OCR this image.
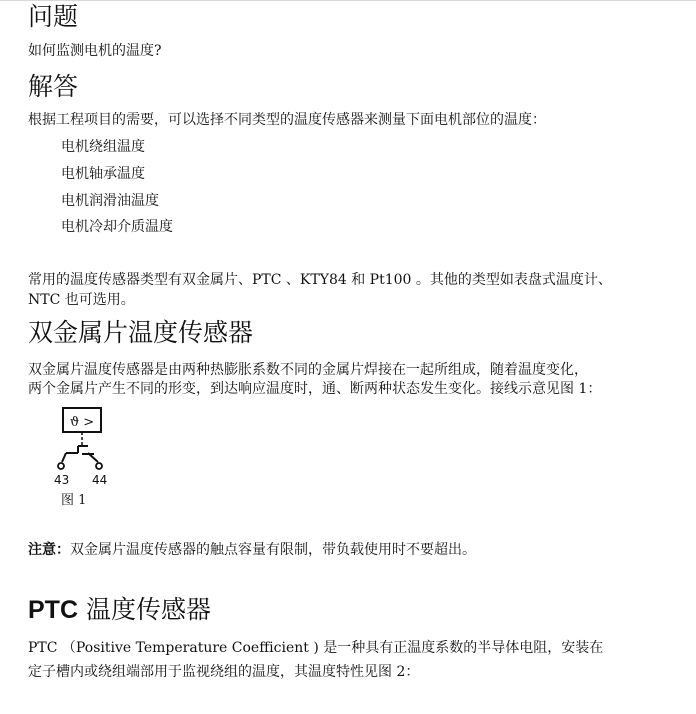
问题
如何监测电机的温度?
解答
根据工程项目的需要，可以选择不同类型的温度传感器来测量下面电机部位的温度：
电机绕组温度
电机轴承温度
电机润滑油温度
电机冷却介质温度
常用的温度传感器类型有双金属片、PTC 、KTY84 和 Pt100 。其他的类型如表盘式温度计、
NTC 也可选用。
双金属片温度传感器
双金属片温度传感器是由两种热膨胀系数不同的金属片焊接在一起所组成，随着温度变化，
两个金属片产生不同的形变，到达响应温度时，通、断两种状态发生变化。接线示意见图 1：
ϑ >
43 44
图 1
注意：双金属片温度传感器的触点容量有限制，带负载使用时不要超出。
PTC 温度传感器
PTC （Positive Temperature Coefficient ) 是一种具有正温度系数的半导体电阻，安装在
定子槽内或绕组端部用于监视绕组的温度，其温度特性见图 2：
